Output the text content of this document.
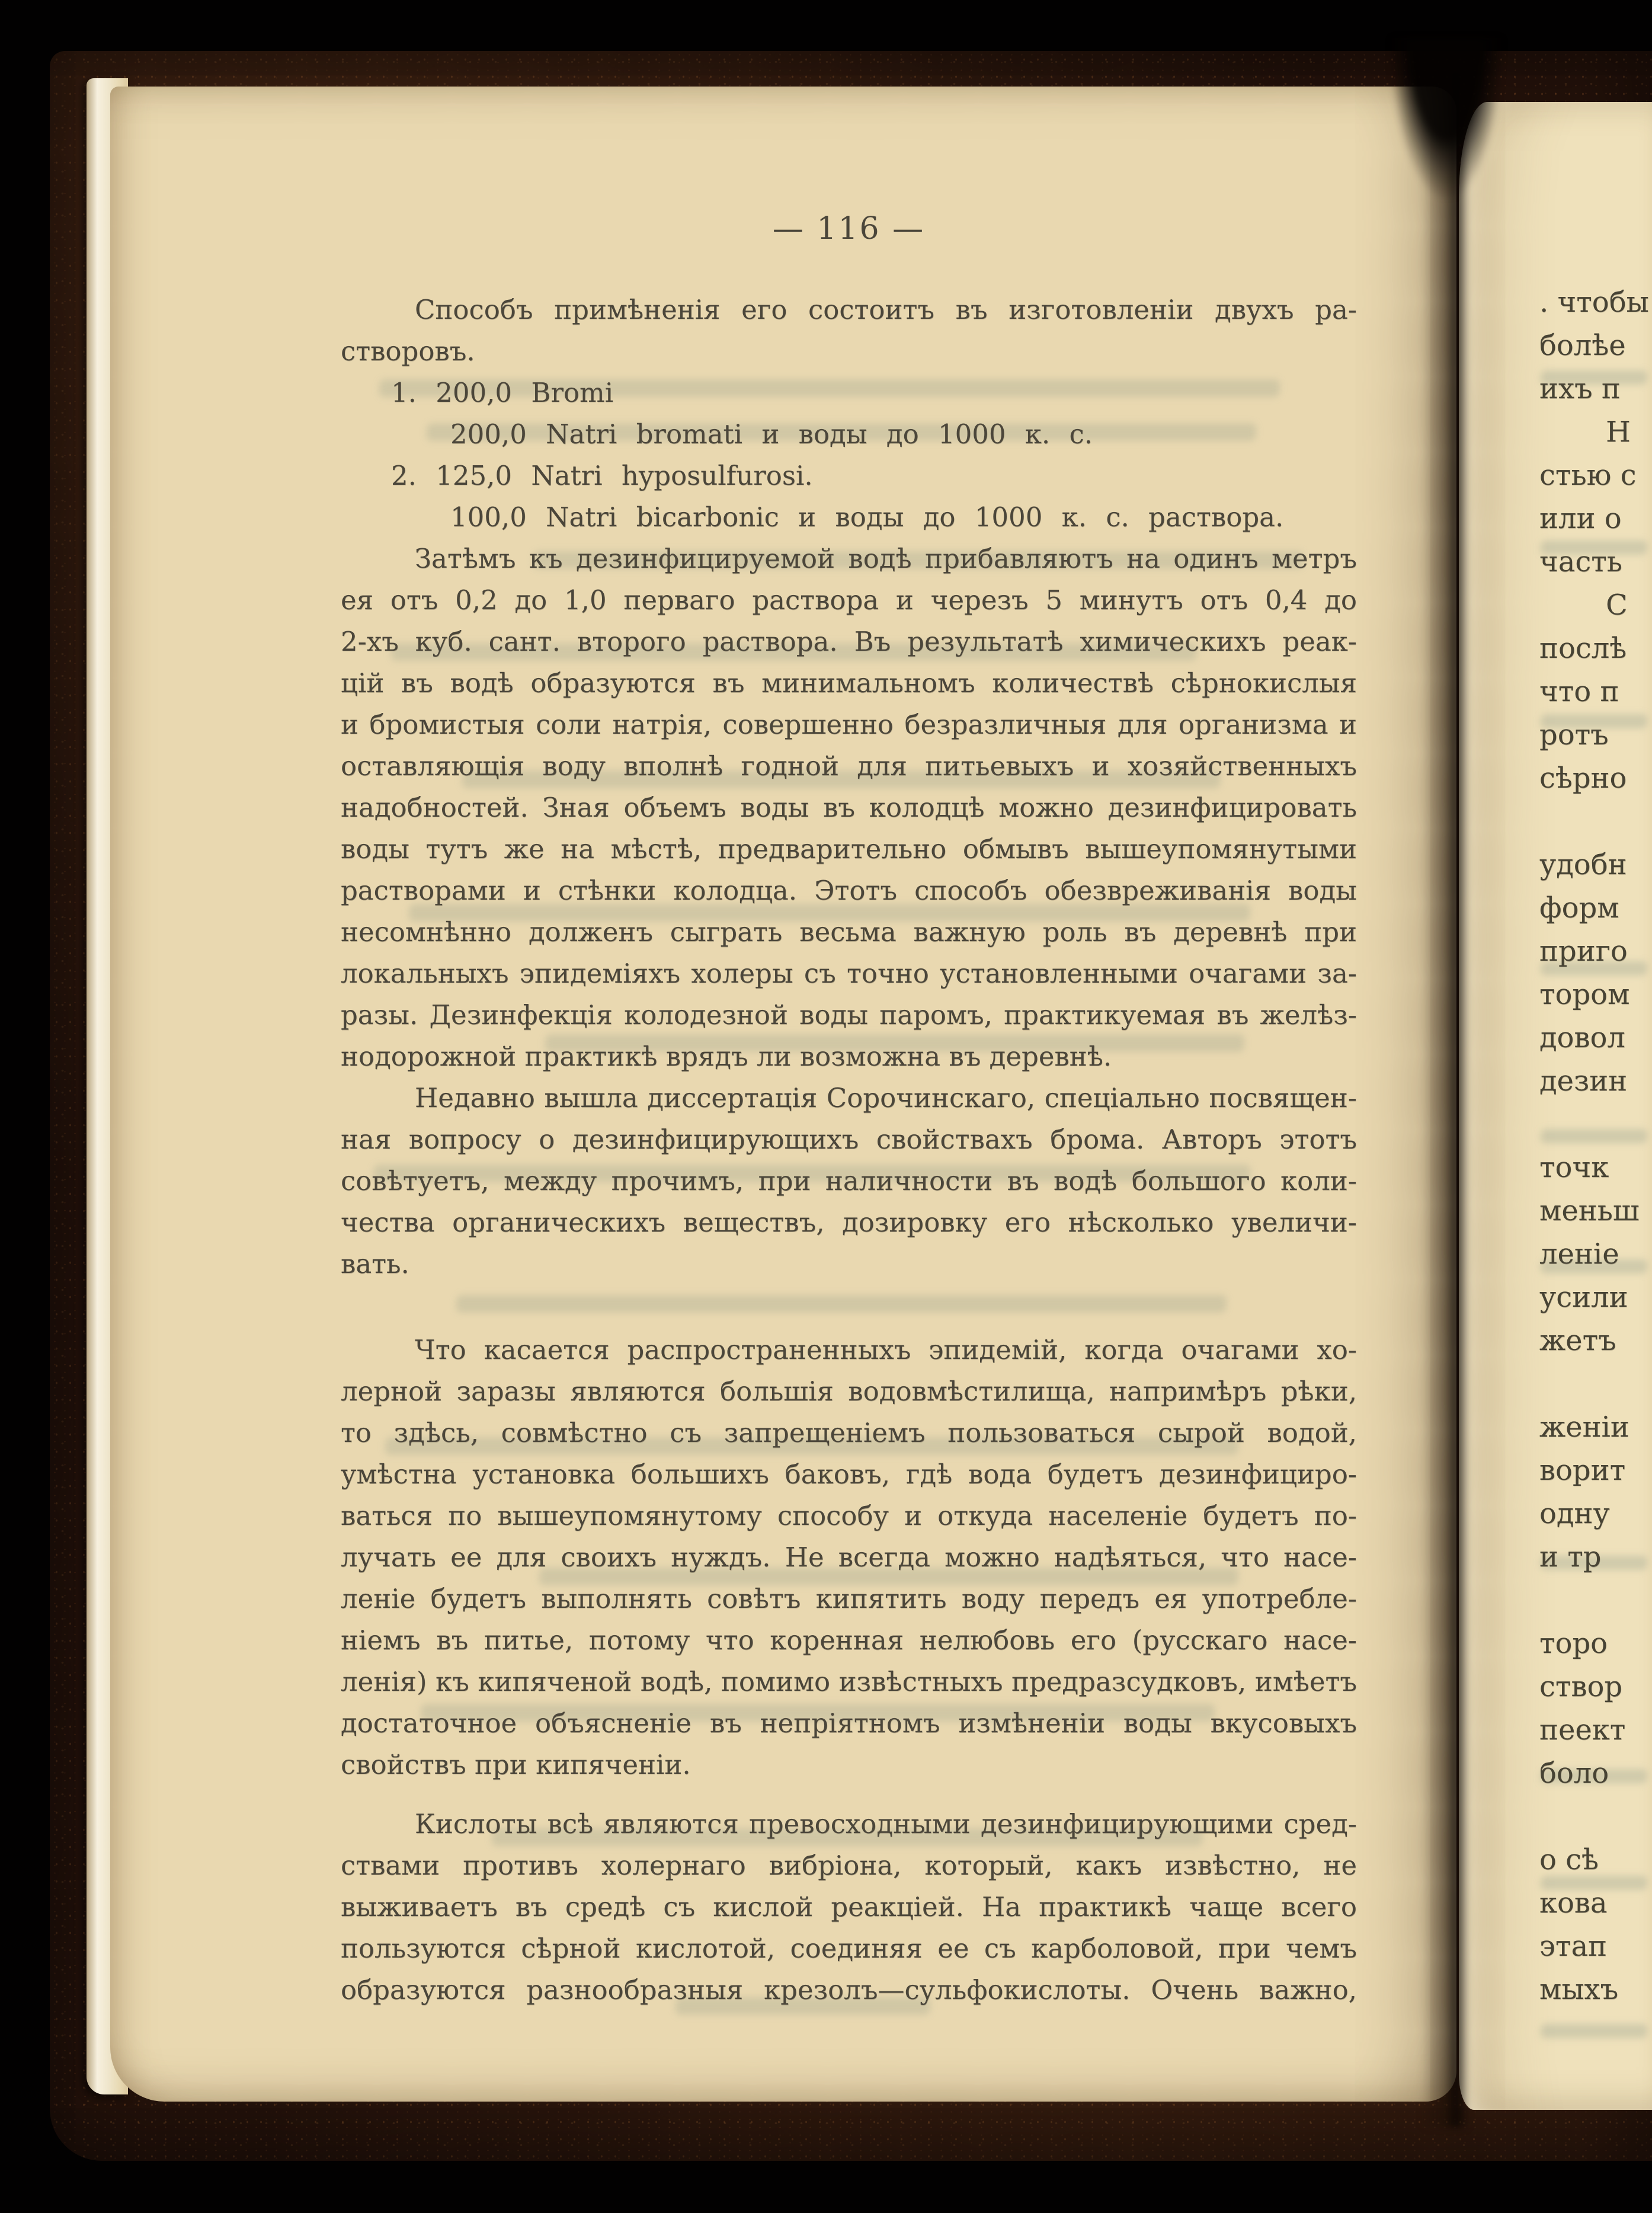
— 116 —
Способъ примѣненія его состоитъ въ изготовленіи двухъ ра-
створовъ.
1. 200,0 Bromi
200,0 Natri bromati и воды до 1000 к. с.
2. 125,0 Natri hyposulfurosi.
100,0 Natri bicarbonic и воды до 1000 к. с. раствора.
Затѣмъ къ дезинфицируемой водѣ прибавляютъ на одинъ метръ
ея отъ 0,2 до 1,0 перваго раствора и черезъ 5 минутъ отъ 0,4 до
2-хъ куб. сант. второго раствора. Въ результатѣ химическихъ реак-
цій въ водѣ образуются въ минимальномъ количествѣ сѣрнокислыя
и бромистыя соли натрія, совершенно безразличныя для организма и
оставляющія воду вполнѣ годной для питьевыхъ и хозяйственныхъ
надобностей. Зная объемъ воды въ колодцѣ можно дезинфицировать
воды тутъ же на мѣстѣ, предварительно обмывъ вышеупомянутыми
растворами и стѣнки колодца. Этотъ способъ обезвреживанія воды
несомнѣнно долженъ сыграть весьма важную роль въ деревнѣ при
локальныхъ эпидеміяхъ холеры съ точно установленными очагами за-
разы. Дезинфекція колодезной воды паромъ, практикуемая въ желѣз-
нодорожной практикѣ врядъ ли возможна въ деревнѣ.
Недавно вышла диссертація Сорочинскаго, спеціально посвящен-
ная вопросу о дезинфицирующихъ свойствахъ брома. Авторъ этотъ
совѣтуетъ, между прочимъ, при наличности въ водѣ большого коли-
чества органическихъ веществъ, дозировку его нѣсколько увеличи-
вать.
Что касается распространенныхъ эпидемій, когда очагами хо-
лерной заразы являются большія водовмѣстилища, напримѣръ рѣки,
то здѣсь, совмѣстно съ запрещеніемъ пользоваться сырой водой,
умѣстна установка большихъ баковъ, гдѣ вода будетъ дезинфициро-
ваться по вышеупомянутому способу и откуда населеніе будетъ по-
лучать ее для своихъ нуждъ. Не всегда можно надѣяться, что насе-
леніе будетъ выполнять совѣтъ кипятить воду передъ ея употребле-
ніемъ въ питье, потому что коренная нелюбовь его (русскаго насе-
ленія) къ кипяченой водѣ, помимо извѣстныхъ предразсудковъ, имѣетъ
достаточное объясненіе въ непріятномъ измѣненіи воды вкусовыхъ
свойствъ при кипяченіи.
Кислоты всѣ являются превосходными дезинфицирующими сред-
ствами противъ холернаго вибріона, который, какъ извѣстно, не
выживаетъ въ средѣ съ кислой реакціей. На практикѣ чаще всего
пользуются сѣрной кислотой, соединяя ее съ карболовой, при чемъ
образуются разнообразныя крезолъ—сульфокислоты. Очень важно,
. чтобы
болѣе
ихъ п
Н
стью с
или о
часть
С
послѣ
что п
ротъ
сѣрно
удобн
форм
приго
тором
довол
дезин
точк
меньш
леніе
усили
жетъ
женіи
ворит
одну
и тр
торо
створ
пеект
боло
о сѣ
кова
этап
мыхъ
